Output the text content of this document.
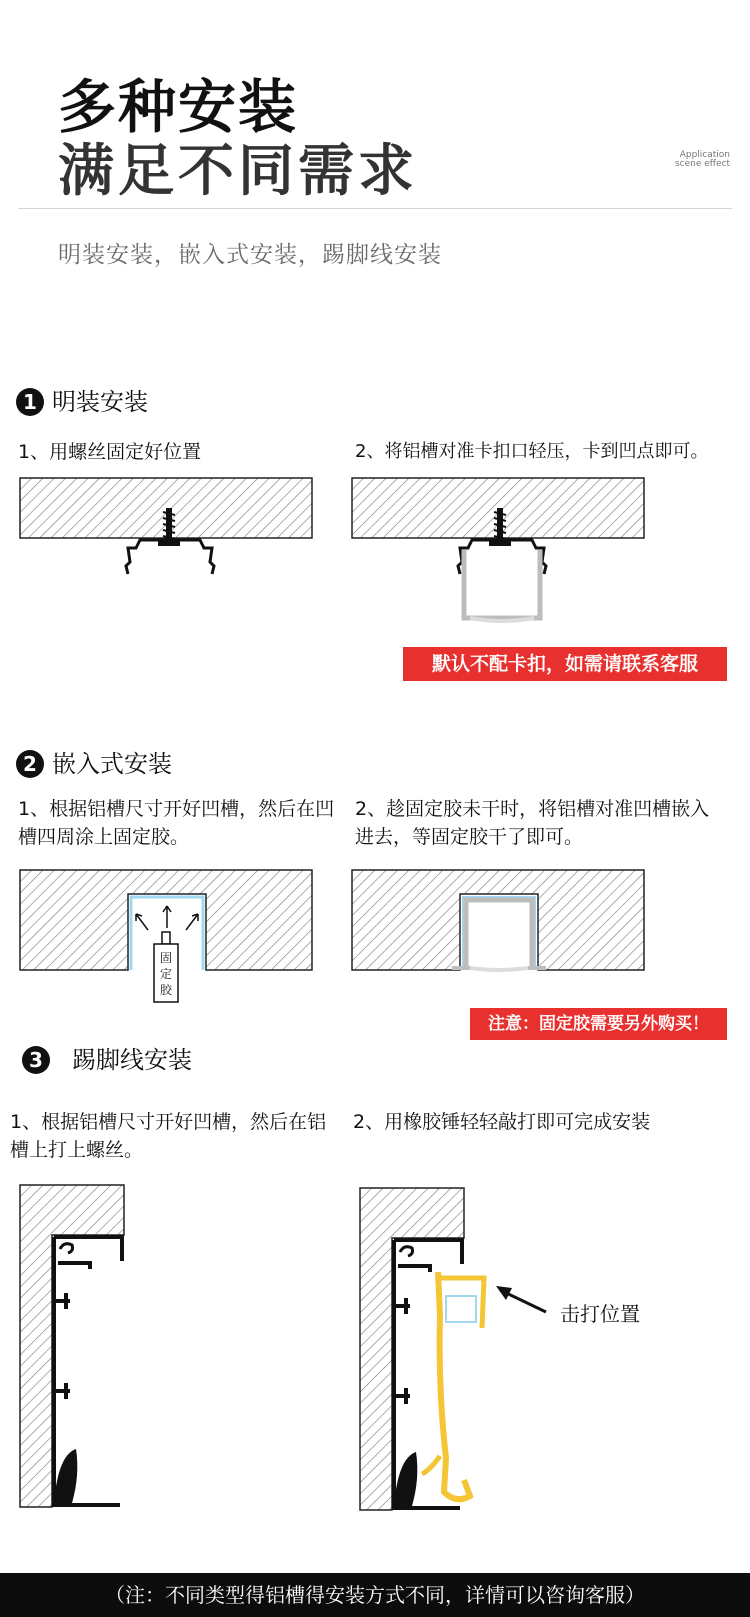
多种安装
满足不同需求	Application
scene effect
明装安装，嵌入式安装，踢脚线安装
1 明装安装
1、用螺丝固定好位置	2、将铝槽对准卡扣口轻压，卡到凹点即可。
默认不配卡扣，如需请联系客服
2 嵌入式安装
1、根据铝槽尺寸开好凹槽，然后在凹槽四周涂上固定胶。
2、趁固定胶未干时，将铝槽对准凹槽嵌入进去，等固定胶干了即可。
固
定
胶
注意：固定胶需要另外购买！
3 踢脚线安装
1、根据铝槽尺寸开好凹槽，然后在铝槽上打上螺丝。
2、用橡胶锤轻轻敲打即可完成安装
击打位置
（注：不同类型得铝槽得安装方式不同，详情可以咨询客服）
